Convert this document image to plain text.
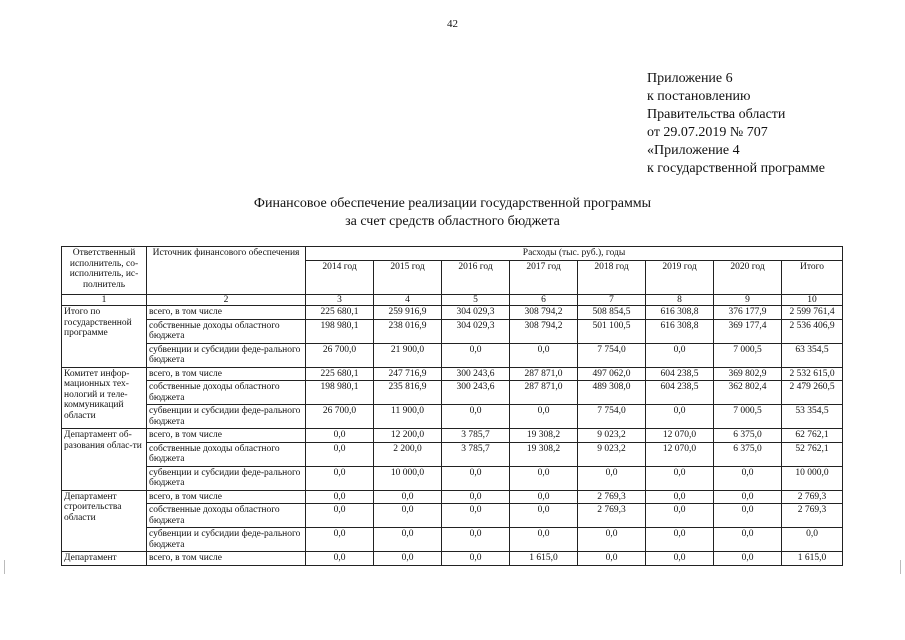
42
Приложение 6
к постановлению
Правительства области
от 29.07.2019 № 707
«Приложение 4
к государственной программе
Финансовое обеспечение реализации государственной программы
за счет средств областного бюджета
Ответственный исполнитель, со-исполнитель, ис-полнитель	Источник финансового обеспечения	Расходы (тыс. руб.), годы							
		2014 год	2015 год	2016 год	2017 год	2018 год	2019 год	2020 год	Итого
1	2	3	4	5	6	7	8	9	10
Итого по государственной программе	всего, в том числе	225 680,1	259 916,9	304 029,3	308 794,2	508 854,5	616 308,8	376 177,9	2 599 761,4
	собственные доходы областного бюджета	198 980,1	238 016,9	304 029,3	308 794,2	501 100,5	616 308,8	369 177,4	2 536 406,9
	субвенции и субсидии феде-рального бюджета	26 700,0	21 900,0	0,0	0,0	7 754,0	0,0	7 000,5	63 354,5
Комитет инфор-мационных тех-нологий и теле-коммуникаций области	всего, в том числе	225 680,1	247 716,9	300 243,6	287 871,0	497 062,0	604 238,5	369 802,9	2 532 615,0
	собственные доходы областного бюджета	198 980,1	235 816,9	300 243,6	287 871,0	489 308,0	604 238,5	362 802,4	2 479 260,5
	субвенции и субсидии феде-рального бюджета	26 700,0	11 900,0	0,0	0,0	7 754,0	0,0	7 000,5	53 354,5
Департамент об-разования облас-ти	всего, в том числе	0,0	12 200,0	3 785,7	19 308,2	9 023,2	12 070,0	6 375,0	62 762,1
	собственные доходы областного бюджета	0,0	2 200,0	3 785,7	19 308,2	9 023,2	12 070,0	6 375,0	52 762,1
	субвенции и субсидии феде-рального бюджета	0,0	10 000,0	0,0	0,0	0,0	0,0	0,0	10 000,0
Департамент строительства области	всего, в том числе	0,0	0,0	0,0	0,0	2 769,3	0,0	0,0	2 769,3
	собственные доходы областного бюджета	0,0	0,0	0,0	0,0	2 769,3	0,0	0,0	2 769,3
	субвенции и субсидии феде-рального бюджета	0,0	0,0	0,0	0,0	0,0	0,0	0,0	0,0
Департамент	всего, в том числе	0,0	0,0	0,0	1 615,0	0,0	0,0	0,0	1 615,0
